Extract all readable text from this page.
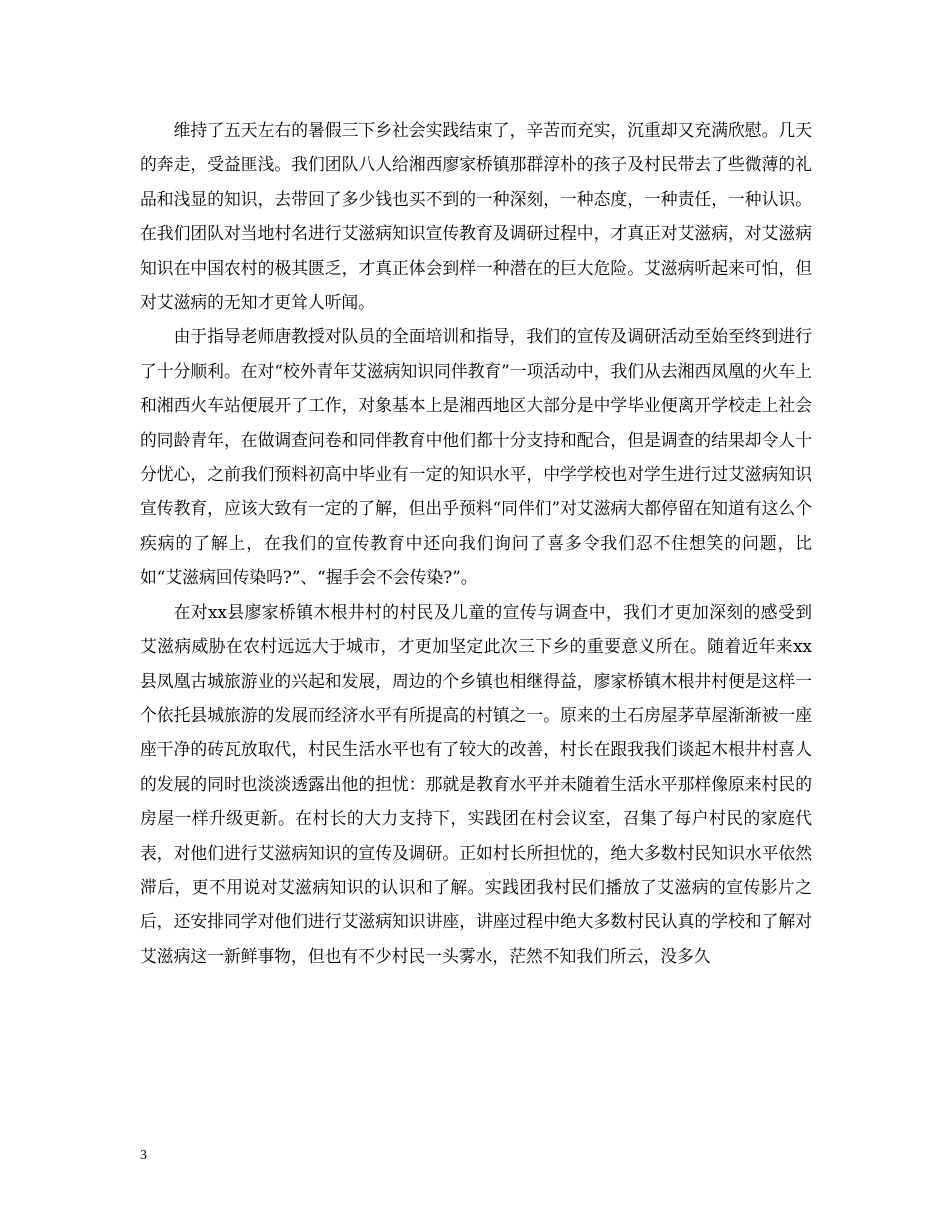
维持了五天左右的暑假三下乡社会实践结束了，辛苦而充实，沉重却又充满欣慰。几天的奔走，受益匪浅。我们团队八人给湘西廖家桥镇那群淳朴的孩子及村民带去了些微薄的礼品和浅显的知识，去带回了多少钱也买不到的一种深刻，一种态度，一种责任，一种认识。在我们团队对当地村名进行艾滋病知识宣传教育及调研过程中，才真正对艾滋病，对艾滋病知识在中国农村的极其匮乏，才真正体会到样一种潜在的巨大危险。艾滋病听起来可怕，但对艾滋病的无知才更耸人听闻。

由于指导老师唐教授对队员的全面培训和指导，我们的宣传及调研活动至始至终到进行了十分顺利。在对“校外青年艾滋病知识同伴教育”一项活动中，我们从去湘西凤凰的火车上和湘西火车站便展开了工作，对象基本上是湘西地区大部分是中学毕业便离开学校走上社会的同龄青年，在做调查问卷和同伴教育中他们都十分支持和配合，但是调查的结果却令人十分忧心，之前我们预料初高中毕业有一定的知识水平，中学学校也对学生进行过艾滋病知识宣传教育，应该大致有一定的了解，但出乎预料“同伴们”对艾滋病大都停留在知道有这么个疾病的了解上，在我们的宣传教育中还向我们询问了喜多令我们忍不住想笑的问题，比如“艾滋病回传染吗?”、“握手会不会传染?”。

在对xx县廖家桥镇木根井村的村民及儿童的宣传与调查中，我们才更加深刻的感受到艾滋病威胁在农村远远大于城市，才更加坚定此次三下乡的重要意义所在。随着近年来xx县凤凰古城旅游业的兴起和发展，周边的个乡镇也相继得益，廖家桥镇木根井村便是这样一个依托县城旅游的发展而经济水平有所提高的村镇之一。原来的土石房屋茅草屋渐渐被一座座干净的砖瓦放取代，村民生活水平也有了较大的改善，村长在跟我我们谈起木根井村喜人的发展的同时也淡淡透露出他的担忧：那就是教育水平并未随着生活水平那样像原来村民的房屋一样升级更新。在村长的大力支持下，实践团在村会议室，召集了每户村民的家庭代表，对他们进行艾滋病知识的宣传及调研。正如村长所担忧的，绝大多数村民知识水平依然滞后，更不用说对艾滋病知识的认识和了解。实践团我村民们播放了艾滋病的宣传影片之后，还安排同学对他们进行艾滋病知识讲座，讲座过程中绝大多数村民认真的学校和了解对艾滋病这一新鲜事物，但也有不少村民一头雾水，茫然不知我们所云，没多久

3
